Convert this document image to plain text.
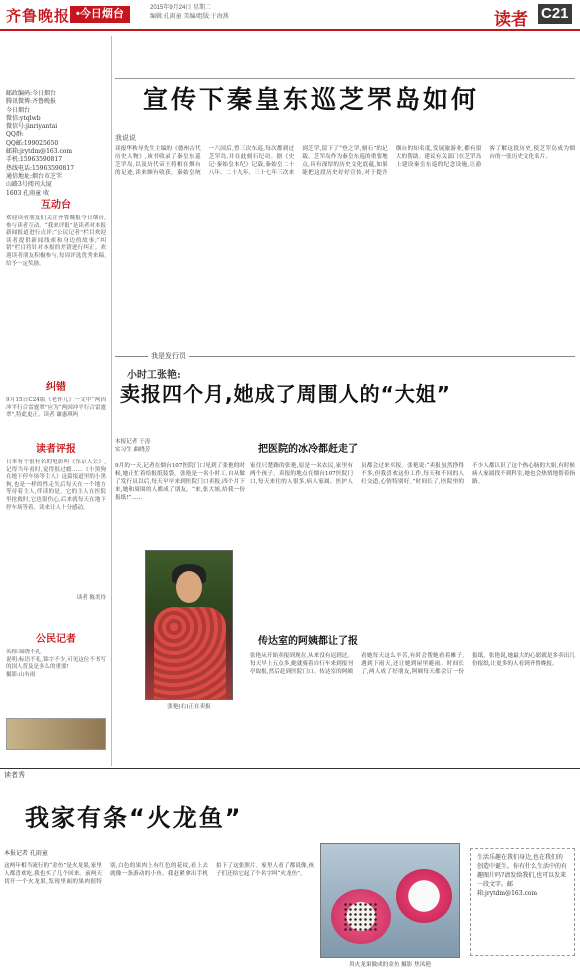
齐鲁晚报 •今日烟台	2015年9月24日 星期二
编辑:孔雨童 美编/组版:于海燕	读者 C21
邮政编码:今日烟台
腾讯微博:齐鲁晚报
今日烟台
微信:ytqlwb
微信号:jinriyantai
QQ群:
QQ邮:199025650
邮箱:jrytdm@163.com
手机:15963590817
热线电话:15963590817
通信地址:烟台市芝罘
山路3号阅刊大厦
1603 孔雨童 收
互动台
欢迎读者朋友们关注齐鲁晚报今日烟台,参与读者互动。“我来评报”是读者对本报新闻报道进行点评;“公民记者”栏目欢迎读者提供新闻线索和身边的故事;“纠错”栏目将针对本报的差错进行纠正。欢迎读者朋友积极参与,每周评选优秀来稿,给予一定奖励。
纠错
9月15日C24版《老伴儿》一文中“两因冲平行合雷霆翠”应为“两因冲平行合雷霆翠”,特此更正。读者 谦惠琪吗
读者评报
日本有个很有名的电影叫《东京人公》,记得当年看时,觉得很过瘾……《小黑狗在地下停车场等主人》这篇报道里的小黑狗,也是一样的性走失后每天在一个地方等待着主人,伴读的是。它的主人在医院里抢救时,它也很伤心,后来就每天在地下停车场等着。读来让人十分感动。
读者 陈美玲
公民记者
名称:锦绣不礼
说明:标语不礼,锦字不少,可见这位不书写的国人普及是多么的重要!
摄影:山有雨
宣传下秦皇东巡芝罘岛如何
我说说
读报华秋导先生主编的《德州古代历史人物》,该书收录了秦皇东巡芝罘岛,以及历代帝王将相在烟台的足迹,读来颇有收获。秦始皇统一六国后,曾三次东巡,每次都到过芝罘岛,并在此刻石纪功。据《史记·秦始皇本纪》记载,秦始皇二十八年、二十九年、三十七年三次来到芝罘,留下了“登之罘,刻石”的记载。芝罘岛作为秦皇东巡的重要地点,具有深厚的历史文化底蕴,如果能把这段历史好好宣传,对于提升烟台的知名度,发展旅游业,都有很大的帮助。建议有关部门在芝罘岛上建设秦皇东巡的纪念设施,让游客了解这段历史,使芝罘岛成为烟台的一张历史文化名片。
我是发行员
小时工张艳:
卖报四个月,她成了周围人的“大姐”
本报记者 于涛
实习生 曲晓芳
9月的一天,记者在烟台107医院门口见到了张艳的时候,她正忙着给报纸装袋。张艳是一名小时工,自从做了发行员以后,每天早早来到医院门口卖报,四个月下来,她和周围的人都成了朋友。“来,张大姐,给我一份报纸!”……
张艳(右)正在卖报
把医院的冰冷都赶走了
家住只楚路的张艳,原是一名农民,家里有两个孩子。卖报的地点在烟台107医院门口,每天来往的人很多,病人家属、医护人员都会过来买报。张艳说:“卖报虽然挣得不多,但我喜欢这份工作,每天和不同的人打交道,心情特别好。”时间长了,医院里的不少人都认识了这个热心肠的大姐,有时候病人家属找不到科室,她也会热情地帮着指路。
传达室的阿姨都让了报
张艳从开始卖报到现在,从来没有迟到过。每天早上五点多,她就骑着自行车来到报刊亭取报,然后赶到医院门口。传达室的阿姨看她每天这么辛苦,有时会帮她看着摊子,遇到下雨天,还让她到屋里避雨。时间长了,两人成了好朋友,阿姨每天都会订一份报纸。张艳说,她最大的心愿就是多卖出几份报纸,让更多的人看到齐鲁晚报。
读者秀
我家有条“火龙鱼”
本报记者 孔雨童
这两年相当流行的“金鱼”是火龙果,家里人都喜欢吃,我也买了几个回来。前两天切开一个火龙果,发现里面的果肉很特别,白色的果肉上有红色的花纹,看上去就像一条游动的小鱼。我赶紧拿出手机拍下了这张照片。家里人看了都说像,孩子们还给它起了个名字叫“火龙鱼”。
用火龙果做成的金鱼 摄影 焦凤艳
生活乐趣在我们身边,也在我们的创造中诞生。你有什么生活中的有趣图片吗?请发给我们,也可以发来一段文字。邮箱:jrytdm@163.com
